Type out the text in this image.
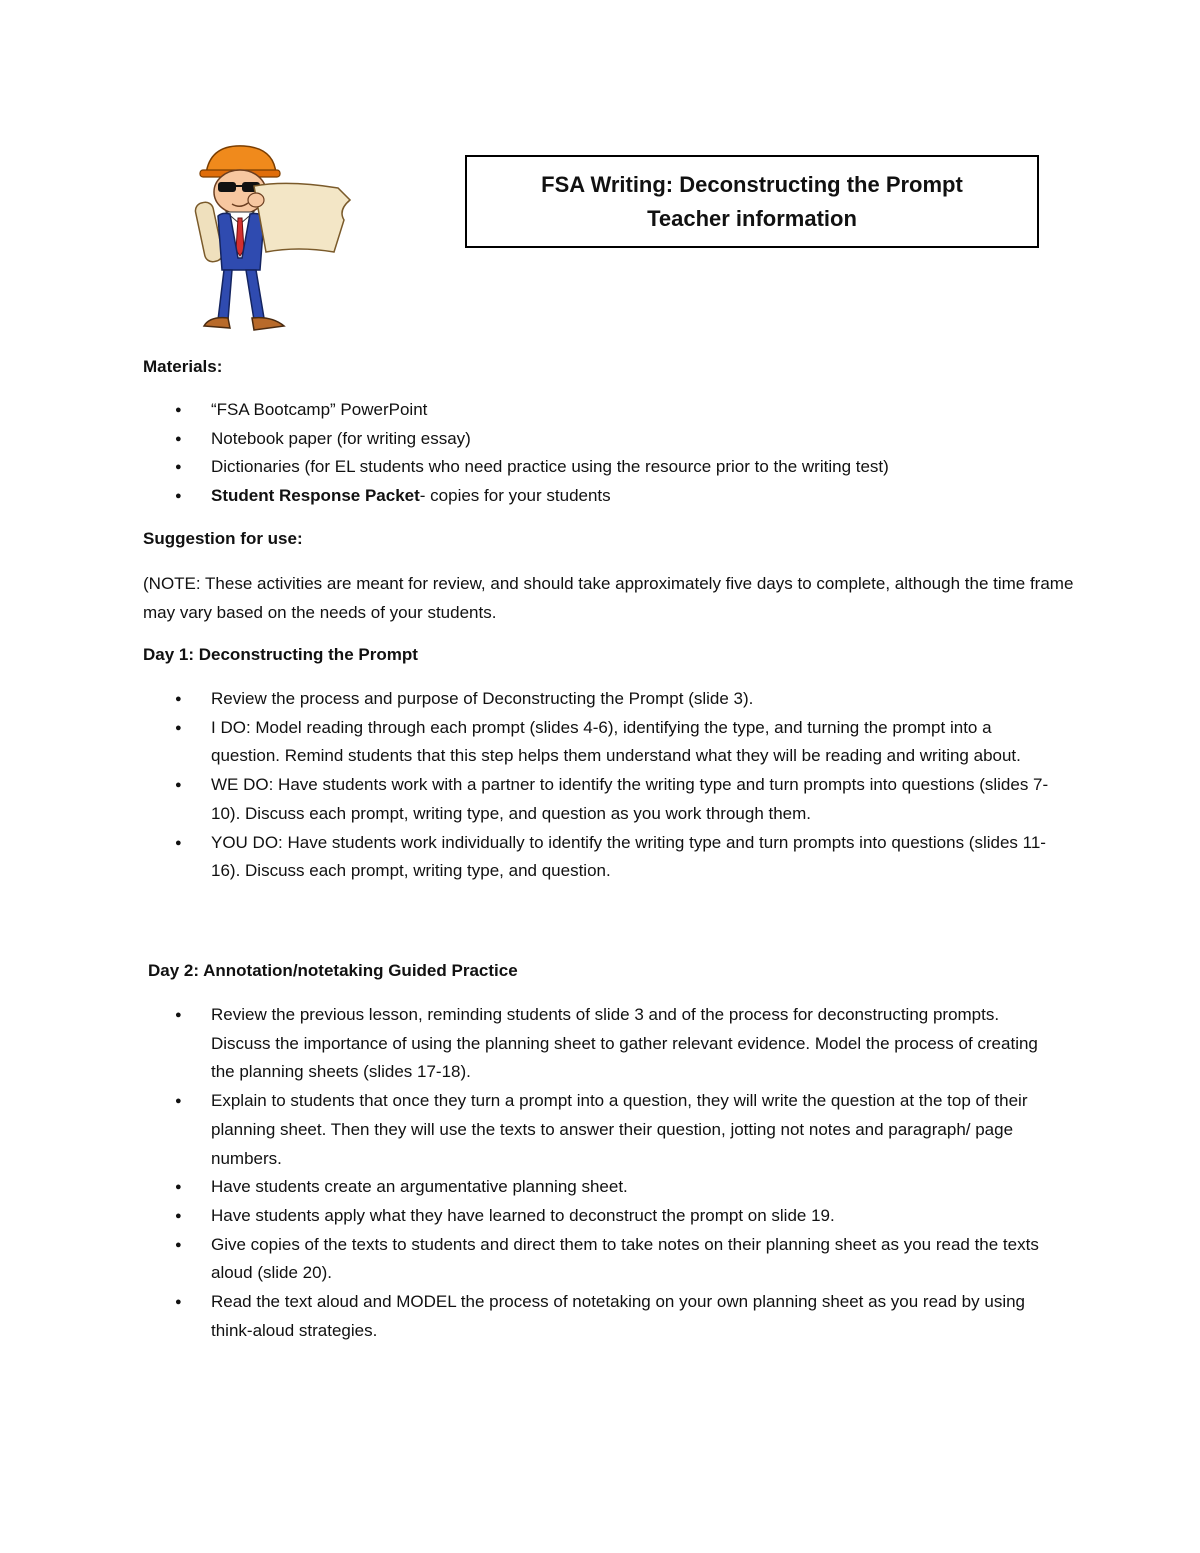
FSA Writing: Deconstructing the Prompt
Teacher information
Materials:
● “FSA Bootcamp” PowerPoint
● Notebook paper (for writing essay)
● Dictionaries (for EL students who need practice using the resource prior to the writing test)
● Student Response Packet- copies for your students
Suggestion for use:
(NOTE: These activities are meant for review, and should take approximately five days to complete, although the time frame may vary based on the needs of your students.
Day 1: Deconstructing the Prompt
● Review the process and purpose of Deconstructing the Prompt (slide 3).
● I DO: Model reading through each prompt (slides 4-6), identifying the type, and turning the prompt into a question. Remind students that this step helps them understand what they will be reading and writing about.
● WE DO: Have students work with a partner to identify the writing type and turn prompts into questions (slides 7-10). Discuss each prompt, writing type, and question as you work through them.
● YOU DO: Have students work individually to identify the writing type and turn prompts into questions (slides 11-16). Discuss each prompt, writing type, and question.
Day 2: Annotation/notetaking Guided Practice
● Review the previous lesson, reminding students of slide 3 and of the process for deconstructing prompts. Discuss the importance of using the planning sheet to gather relevant evidence. Model the process of creating the planning sheets (slides 17-18).
● Explain to students that once they turn a prompt into a question, they will write the question at the top of their planning sheet. Then they will use the texts to answer their question, jotting not notes and paragraph/ page numbers.
● Have students create an argumentative planning sheet.
● Have students apply what they have learned to deconstruct the prompt on slide 19.
● Give copies of the texts to students and direct them to take notes on their planning sheet as you read the texts aloud (slide 20).
● Read the text aloud and MODEL the process of notetaking on your own planning sheet as you read by using think-aloud strategies.
